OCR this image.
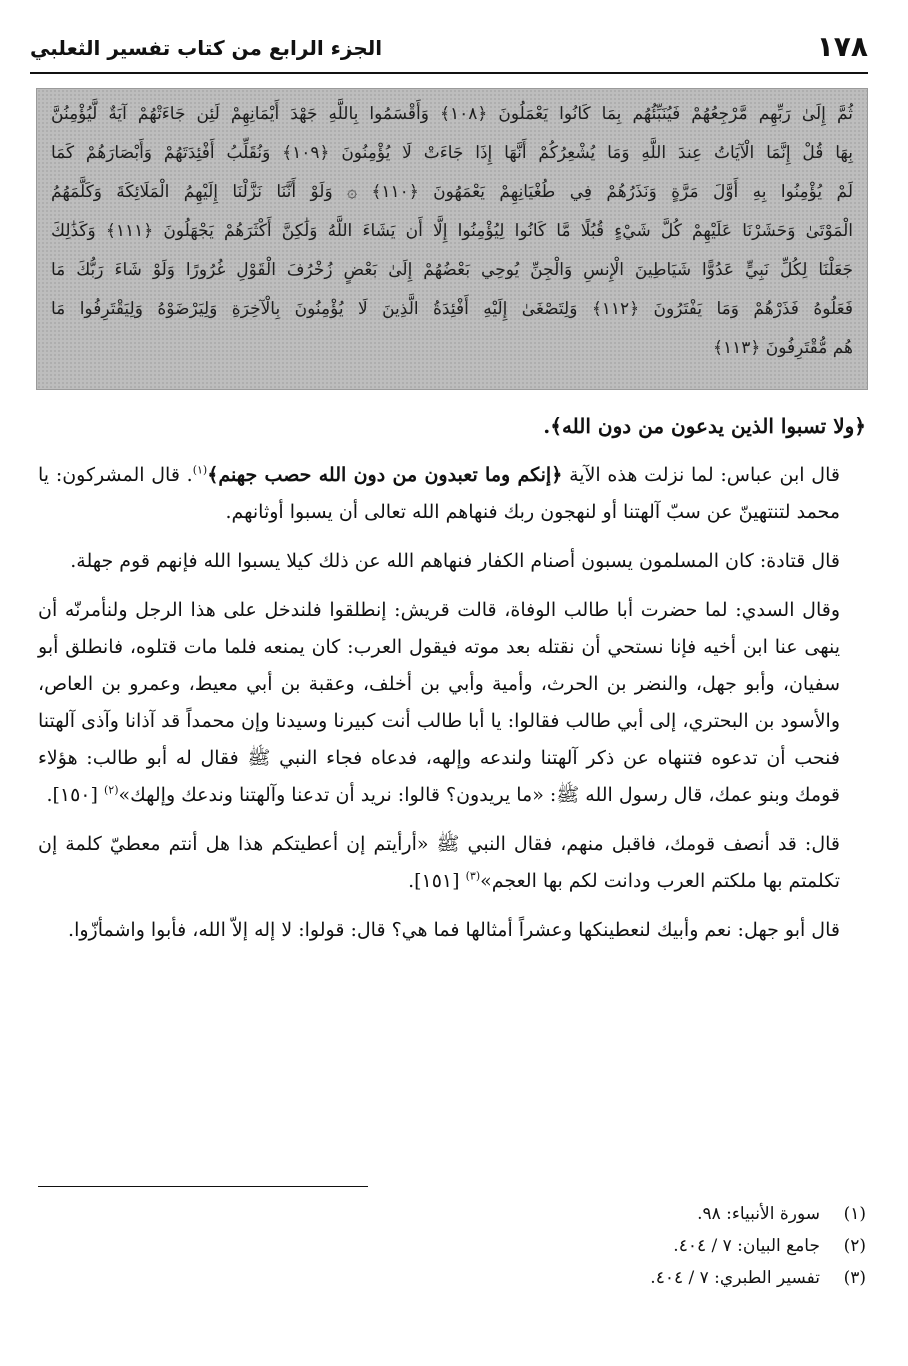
١٧٨
الجزء الرابع من كتاب تفسير الثعلبي
ثُمَّ إِلَىٰ رَبِّهِم مَّرْجِعُهُمْ فَيُنَبِّئُهُم بِمَا كَانُوا يَعْمَلُونَ ﴿١٠٨﴾ وَأَقْسَمُوا بِاللَّهِ جَهْدَ أَيْمَانِهِمْ لَئِن جَاءَتْهُمْ آيَةٌ لَّيُؤْمِنُنَّ
بِهَا قُلْ إِنَّمَا الْآيَاتُ عِندَ اللَّهِ وَمَا يُشْعِرُكُمْ أَنَّهَا إِذَا جَاءَتْ لَا يُؤْمِنُونَ ﴿١٠٩﴾ وَنُقَلِّبُ أَفْئِدَتَهُمْ وَأَبْصَارَهُمْ كَمَا
لَمْ يُؤْمِنُوا بِهِ أَوَّلَ مَرَّةٍ وَنَذَرُهُمْ فِي طُغْيَانِهِمْ يَعْمَهُونَ ﴿١١٠﴾ ۞ وَلَوْ أَنَّنَا نَزَّلْنَا إِلَيْهِمُ الْمَلَائِكَةَ وَكَلَّمَهُمُ
الْمَوْتَىٰ وَحَشَرْنَا عَلَيْهِمْ كُلَّ شَيْءٍ قُبُلًا مَّا كَانُوا لِيُؤْمِنُوا إِلَّا أَن يَشَاءَ اللَّهُ وَلَٰكِنَّ أَكْثَرَهُمْ يَجْهَلُونَ ﴿١١١﴾ وَكَذَٰلِكَ
جَعَلْنَا لِكُلِّ نَبِيٍّ عَدُوًّا شَيَاطِينَ الْإِنسِ وَالْجِنِّ يُوحِي بَعْضُهُمْ إِلَىٰ بَعْضٍ زُخْرُفَ الْقَوْلِ غُرُورًا وَلَوْ شَاءَ رَبُّكَ مَا
فَعَلُوهُ فَذَرْهُمْ وَمَا يَفْتَرُونَ ﴿١١٢﴾ وَلِتَصْغَىٰ إِلَيْهِ أَفْئِدَةُ الَّذِينَ لَا يُؤْمِنُونَ بِالْآخِرَةِ وَلِيَرْضَوْهُ وَلِيَقْتَرِفُوا مَا
هُم مُّقْتَرِفُونَ ﴿١١٣﴾
﴿ولا تسبوا الذين يدعون من دون الله﴾.
قال ابن عباس: لما نزلت هذه الآية ﴿إنكم وما تعبدون من دون الله حصب جهنم﴾$^{(١)}$. قال المشركون: يا محمد لتنتهينّ عن سبّ آلهتنا أو لنهجون ربك فنهاهم الله تعالى أن يسبوا أوثانهم.
قال قتادة: كان المسلمون يسبون أصنام الكفار فنهاهم الله عن ذلك كيلا يسبوا الله فإنهم قوم جهلة.
وقال السدي: لما حضرت أبا طالب الوفاة، قالت قريش: إنطلقوا فلندخل على هذا الرجل ولنأمرنّه أن ينهى عنا ابن أخيه فإنا نستحي أن نقتله بعد موته فيقول العرب: كان يمنعه فلما مات قتلوه، فانطلق أبو سفيان، وأبو جهل، والنضر بن الحرث، وأمية وأبي بن أخلف، وعقبة بن أبي معيط، وعمرو بن العاص، والأسود بن البحتري، إلى أبي طالب فقالوا: يا أبا طالب أنت كبيرنا وسيدنا وإن محمداً قد آذانا وآذى آلهتنا فنحب أن تدعوه فتنهاه عن ذكر آلهتنا ولندعه وإلهه، فدعاه فجاء النبي ﷺ فقال له أبو طالب: هؤلاء قومك وبنو عمك، قال رسول الله ﷺ: «ما يريدون؟ قالوا: نريد أن تدعنا وآلهتنا وندعك وإلهك»$^{(٢)}$ [١٥٠].
قال: قد أنصف قومك، فاقبل منهم، فقال النبي ﷺ «أرأيتم إن أعطيتكم هذا هل أنتم معطيّ كلمة إن تكلمتم بها ملكتم العرب ودانت لكم بها العجم»$^{(٣)}$ [١٥١].
قال أبو جهل: نعم وأبيك لنعطينكها وعشراً أمثالها فما هي؟ قال: قولوا: لا إله إلاّ الله، فأبوا واشمأزّوا.
(١)
سورة الأنبياء: ٩٨.
(٢)
جامع البيان: ٧ / ٤٠٤.
(٣)
تفسير الطبري: ٧ / ٤٠٤.
